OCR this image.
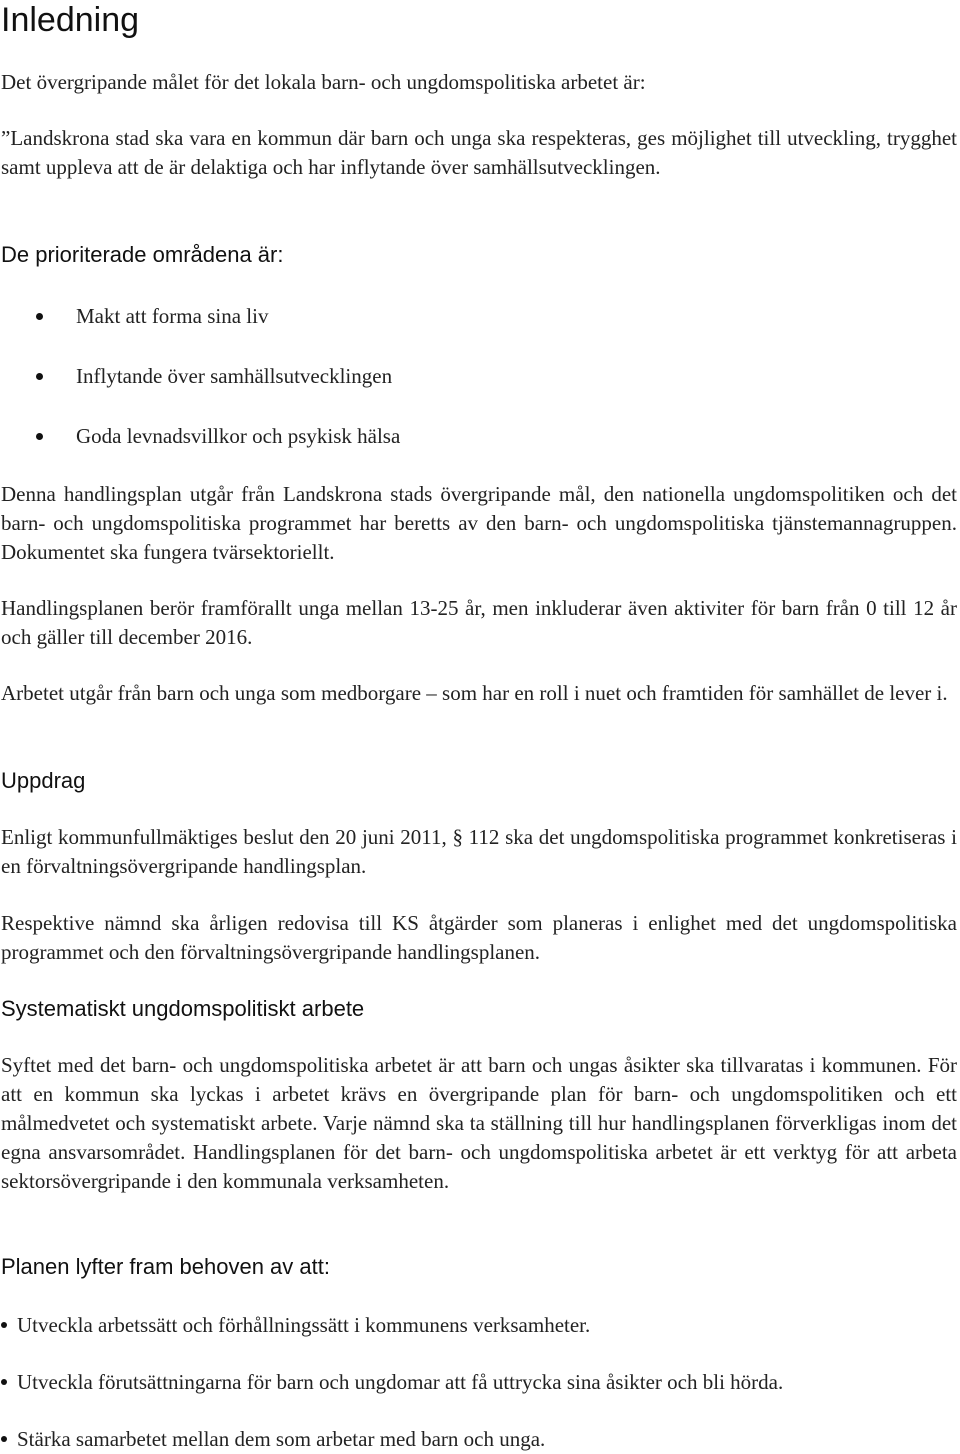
Inledning

Det övergripande målet för det lokala barn- och ungdomspolitiska arbetet är:

”Landskrona stad ska vara en kommun där barn och unga ska respekteras, ges möjlighet till utveckling, trygghet samt uppleva att de är delaktiga och har inflytande över samhällsutvecklingen.

De prioriterade områdena är:
Makt att forma sina liv
Inflytande över samhällsutvecklingen
Goda levnadsvillkor och psykisk hälsa

Denna handlingsplan utgår från Landskrona stads övergripande mål, den nationella ungdomspolitiken och det barn- och ungdomspolitiska programmet har beretts av den barn- och ungdomspolitiska tjänstemannagruppen. Dokumentet ska fungera tvärsektoriellt.

Handlingsplanen berör framförallt unga mellan 13-25 år, men inkluderar även aktiviter för barn från 0 till 12 år och gäller till december 2016.

Arbetet utgår från barn och unga som medborgare – som har en roll i nuet och framtiden för samhället de lever i.

Uppdrag

Enligt kommunfullmäktiges beslut den 20 juni 2011, § 112 ska det ungdomspolitiska programmet konkretiseras i en förvaltningsövergripande handlingsplan.

Respektive nämnd ska årligen redovisa till KS åtgärder som planeras i enlighet med det ungdomspolitiska programmet och den förvaltningsövergripande handlingsplanen.

Systematiskt ungdomspolitiskt arbete

Syftet med det barn- och ungdomspolitiska arbetet är att barn och ungas åsikter ska tillvaratas i kommunen. För att en kommun ska lyckas i arbetet krävs en övergripande plan för barn- och ungdomspolitiken och ett målmedvetet och systematiskt arbete. Varje nämnd ska ta ställning till hur handlingsplanen förverkligas inom det egna ansvarsområdet. Handlingsplanen för det barn- och ungdomspolitiska arbetet är ett verktyg för att arbeta sektorsövergripande i den kommunala verksamheten.

Planen lyfter fram behoven av att:
Utveckla arbetssätt och förhållningssätt i kommunens verksamheter.
Utveckla förutsättningarna för barn och ungdomar att få uttrycka sina åsikter och bli hörda.
Stärka samarbetet mellan dem som arbetar med barn och unga.
